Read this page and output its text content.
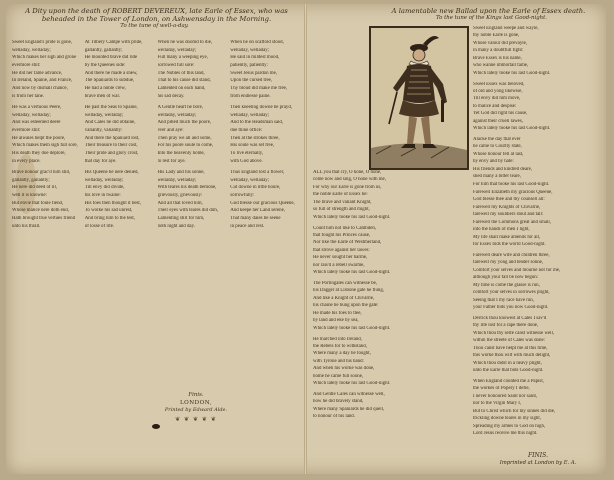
A Dity upon the death of ROBERT DEVEREUX, late Earle of Essex, who was beheaded in the Tower of London, on Ashwensday in the Morning.

To the tune of well-a-day.

Sweet England's pride is gone,

welladay, welladay;

Which makes her sigh and grone

evermore still:

He did her fame advance,

In Ireland, Spaine, and France,

And now by dismall chance,

is from her tane.

He was a vertuous Peere,

welladay, welladay;

And was esteemed deere

evermore still:

He alwaies helpt the poore,

Which makes them sigh full sore,

His death they doe deplore,

in every place.

Brave honour grac'd him still,

gallantly, gallantly;

He nere did deed of ill,

well it is knowne:

But envie that foule fiend,

Whose malice nere doth end,

Hath brought true vertues friend

unto his thrall.

At Tilbery Campe with pride,

gallantly, gallantly;

He mounted brave did ride

by the Queenes side:

And there he made a shew,

The Spaniards to subdue,

He had a noble crew,

brave men of war.

He past the Seas to Spaine,

welladay, welladay;

And Cales he did obtaine,

valiantly, valiantly:

And there the Spaniard lost,

Their treasure to their cost,

Their pride and glory crost,

that day for aye.

His Queene he nere denied,

welladay, welladay;

Till envy did divide,

his love in twaine:

His foes then thought it best,

To worke his sad unrest,

And bring him to the test,

of losse of life.

When he was doomd to die,

welladay, welladay;

Full many a weeping eye,

sorrowed full sore:

The Nobles of this land,

That to his cause did stand,

Lamented on each hand,

his sad decay.

A Gentle heart he bore,

welladay, welladay;

And pitied much the poore,

ever and aye:

Then pray we all and some,

For his poore soule to come,

Into the heavenly home,

to rest for aye.

His Lady and his sonne,

welladay, welladay;

With teares his death bemone,

grievously, grievously:

And all that loved him,

Their eyes with teares did dim,

Lamenting still for him,

both night and day.

When he on scaffold stood,

welladay, welladay;

He said in mildest mood,

patiently, patiently:

Sweet Jesus pardon me,

Upon the cursed tree,

Thy bloud did make me free,

from endlesse paine.

Then kneeling downe he prayd,

welladay, welladay;

And to the Headsman said,

doe thine office:

Then at the strokes three,

His soule was set free,

To live eternally,

with God above.

Thus England lost a flower,

welladay, welladay;

Cut downe in little houre,

sorrowfully:

God blesse our gracious Queene,

And keepe her Land serene,

That many daies be seene

in peace and rest.

Finis.

LONDON,

Printed by Edward Alde.

❦ ❦ ❦ ❦ ❦

A lamentable new Ballad upon the Earle of Essex death.

To the tune of the Kings last Good-night.

Sweet England weepe and wayle,

thy noble Earle is gone,

Whose valour did prevayle,

in many a doubtfull fight:

Brave Essex is his name,

who wanne immortall fame,

Which lately tooke his last Good-night.

Sweet Essex was beloved,

of old and yong likewise,

Till envy did him move,

to malice and despise:

Yet God did right his cause,

against their cruell lawes,

Which lately tooke his last Good-night.

Alacke the day that ever

he came to Courtly state,

Whose honour fell at last,

by envy and by hate:

His friends and kindred deare,

shed many a bitter teare,

For him that tooke his last Good-night.

ALL you that cry, O hone, O hone,

come now and sing, O hone with me,

For why our Earle is gone from us,

the noble Earle of Essex he:

The brave and valiant Knight,

so full of strength and might,

Which lately tooke his last Good-night.

Count him not like to Cambden,

that fought his Princes cause,

Nor like the Earle of Westmerland,

that strove against her lawes:

He never sought her harme,

nor rais'd a rebell swarme,

Which lately tooke his last Good-night.

The Portingales can witnesse be,

his Dagger at Lisbone gate he flung,

And like a Knight of Chivalrie,

his chaine he hung upon the gate:

He made his foes to flee,

by land and eke by sea,

Which lately tooke his last Good-night.

He marched into Ireland,

the Rebels for to withstand,

Where many a day he fought,

with Tyrone and his band:

And when his worke was done,

home he came full soone,

Which lately tooke his last Good-night.

And Gentle Cales can witnesse well,

how he did bravely stand,

Where many Spaniards he did quell,

to honour of his land.

Farewell Elizabeth my gracious Queene,

God blesse thee and thy counsell all:

Farewell my Knights of Chivalrie,

farewell my souldiers stout and tall:

Farewell the Commons great and small,

into the hands of men I light,

My life shall make amends for all,

for Essex bids the world Good-night.

Farewell deare wife and children three,

farewell my yong and tender sonne,

Comfort your selves and mourne not for me,

although your fall be now begun:

My time is come the glasse is run,

comfort your selves in sorrowes plight,

Seeing that I my race have run,

your Father bids you now Good-night.

Derrick thou knowest at Cales I sav'd

thy life lost for a rape there done,

Which thou thy selfe canst witnesse well,

within the streete of Cales was done:

Thou canst have helpt me at this time,

this worke thou wilt with much delight,

Which thou didst in a heavy plight,

unto the Earle that bids Good-night.

When England counted me a Papist,

the workes of Popery I defie,

I never honoured Saint nor saint,

nor to the Virgin Mary I,

But to Christ which for my sinnes did die,

trickling downe teares in my sight,

Spreading my armes to God on high,

Lord Jesus receive me this night.

FINIS.
Imprinted at London by E. A.
